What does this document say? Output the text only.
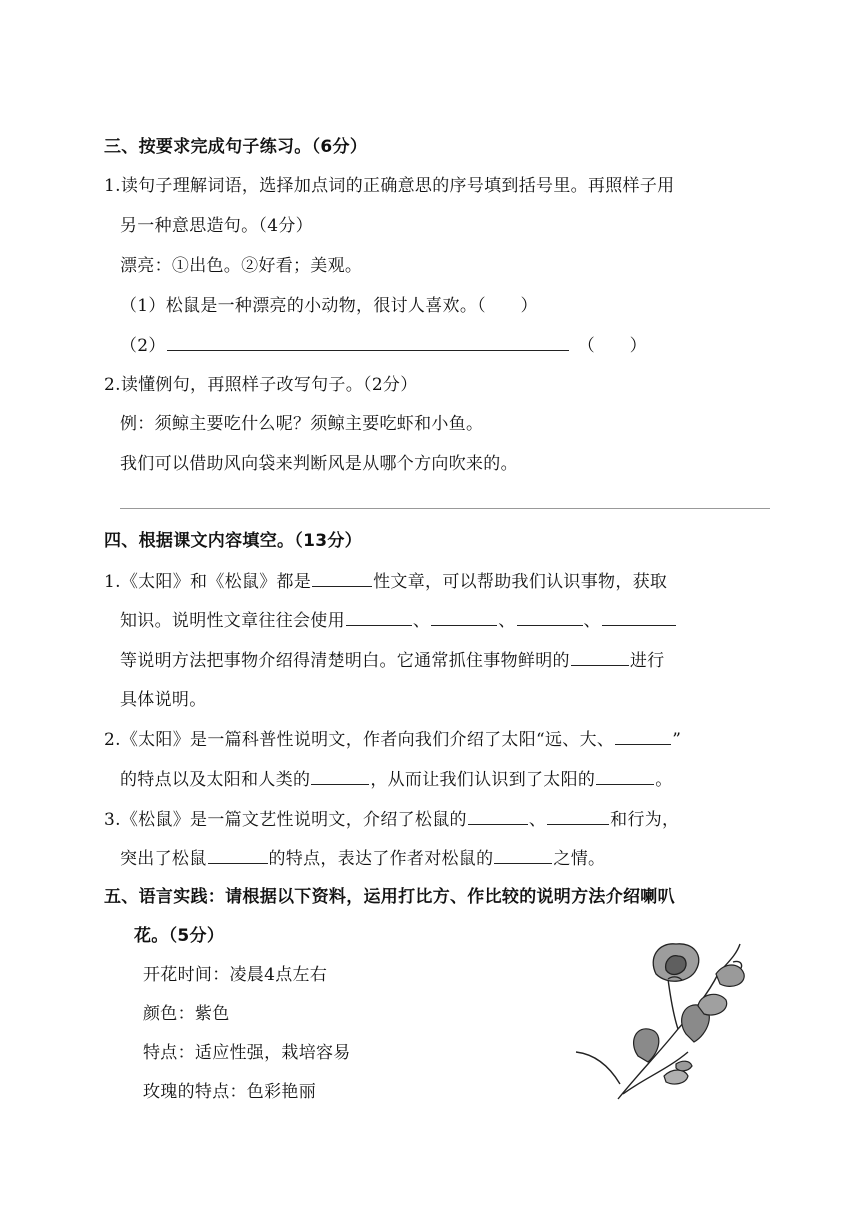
三、按要求完成句子练习。（6分）
1.读句子理解词语，选择加点词的正确意思的序号填到括号里。再照样子用
另一种意思造句。（4分）
漂亮：①出色。②好看；美观。
（1）松鼠是一种漂亮的小动物，很讨人喜欢。（　　）
（2）	（　　）
2.读懂例句，再照样子改写句子。（2分）
例：须鲸主要吃什么呢？须鲸主要吃虾和小鱼。
我们可以借助风向袋来判断风是从哪个方向吹来的。
四、根据课文内容填空。（13分）
1.《太阳》和《松鼠》都是	性文章，可以帮助我们认识事物，获取
知识。说明性文章往往会使用	、	、	、
等说明方法把事物介绍得清楚明白。它通常抓住事物鲜明的	进行
具体说明。
2.《太阳》是一篇科普性说明文，作者向我们介绍了太阳“远、大、	”
的特点以及太阳和人类的	，从而让我们认识到了太阳的	。
3.《松鼠》是一篇文艺性说明文，介绍了松鼠的	、	和行为，
突出了松鼠	的特点，表达了作者对松鼠的	之情。
五、语言实践：请根据以下资料，运用打比方、作比较的说明方法介绍喇叭
花。（5分）
开花时间：凌晨4点左右
颜色：紫色
特点：适应性强，栽培容易
玫瑰的特点：色彩艳丽
